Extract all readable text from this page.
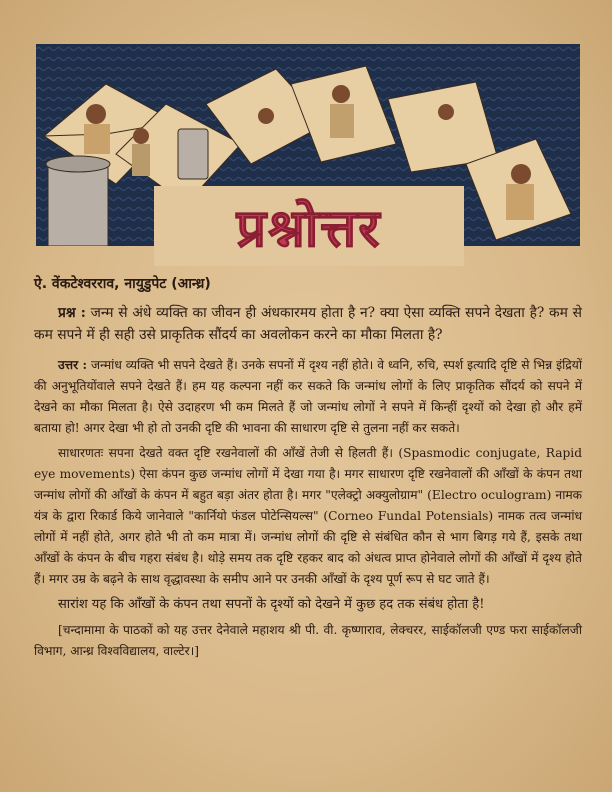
प्रश्नोत्तर
ऐ. वेंकटेश्वरराव, नायुडुपेट (आन्ध्र)

प्रश्न : जन्म से अंधे व्यक्ति का जीवन ही अंधकारमय होता है न? क्या ऐसा व्यक्ति सपने देखता है? कम से कम सपने में ही सही उसे प्राकृतिक सौंदर्य का अवलोकन करने का मौका मिलता है?

उत्तर : जन्मांध व्यक्ति भी सपने देखते हैं। उनके सपनों में दृश्य नहीं होते। वे ध्वनि, रुचि, स्पर्श इत्यादि दृष्टि से भिन्न इंद्रियों की अनुभूतियोंवाले सपने देखते हैं। हम यह कल्पना नहीं कर सकते कि जन्मांध लोगों के लिए प्राकृतिक सौंदर्य को सपने में देखने का मौका मिलता है। ऐसे उदाहरण भी कम मिलते हैं जो जन्मांध लोगों ने सपने में किन्हीं दृश्यों को देखा हो और हमें बताया हो! अगर देखा भी हो तो उनकी दृष्टि की भावना की साधारण दृष्टि से तुलना नहीं कर सकते।

साधारणतः सपना देखते वक्त दृष्टि रखनेवालों की आँखें तेजी से हिलती हैं। (Spasmodic conjugate, Rapid eye movements) ऐसा कंपन कुछ जन्मांध लोगों में देखा गया है। मगर साधारण दृष्टि रखनेवालों की आँखों के कंपन तथा जन्मांध लोगों की आँखों के कंपन में बहुत बड़ा अंतर होता है। मगर "एलेक्ट्रो अक्युलोग्राम" (Electro oculogram) नामक यंत्र के द्वारा रिकार्ड किये जानेवाले "कार्नियो फंडल पोटेन्सियल्स" (Corneo Fundal Potensials) नामक तत्व जन्मांध लोगों में नहीं होते, अगर होते भी तो कम मात्रा में। जन्मांध लोगों की दृष्टि से संबंधित कौन से भाग बिगड़ गये हैं, इसके तथा आँखों के कंपन के बीच गहरा संबंध है। थोड़े समय तक दृष्टि रहकर बाद को अंधत्व प्राप्त होनेवाले लोगों की आँखों में दृश्य होते हैं। मगर उम्र के बढ़ने के साथ वृद्धावस्था के समीप आने पर उनकी आँखों के दृश्य पूर्ण रूप से घट जाते हैं।

सारांश यह कि आँखों के कंपन तथा सपनों के दृश्यों को देखने में कुछ हद तक संबंध होता है!

[चन्दामामा के पाठकों को यह उत्तर देनेवाले महाशय श्री पी. वी. कृष्णाराव, लेक्चरर, साईकॉलजी एण्ड फरा साईकॉलजी विभाग, आन्ध्र विश्वविद्यालय, वाल्टेर।]
